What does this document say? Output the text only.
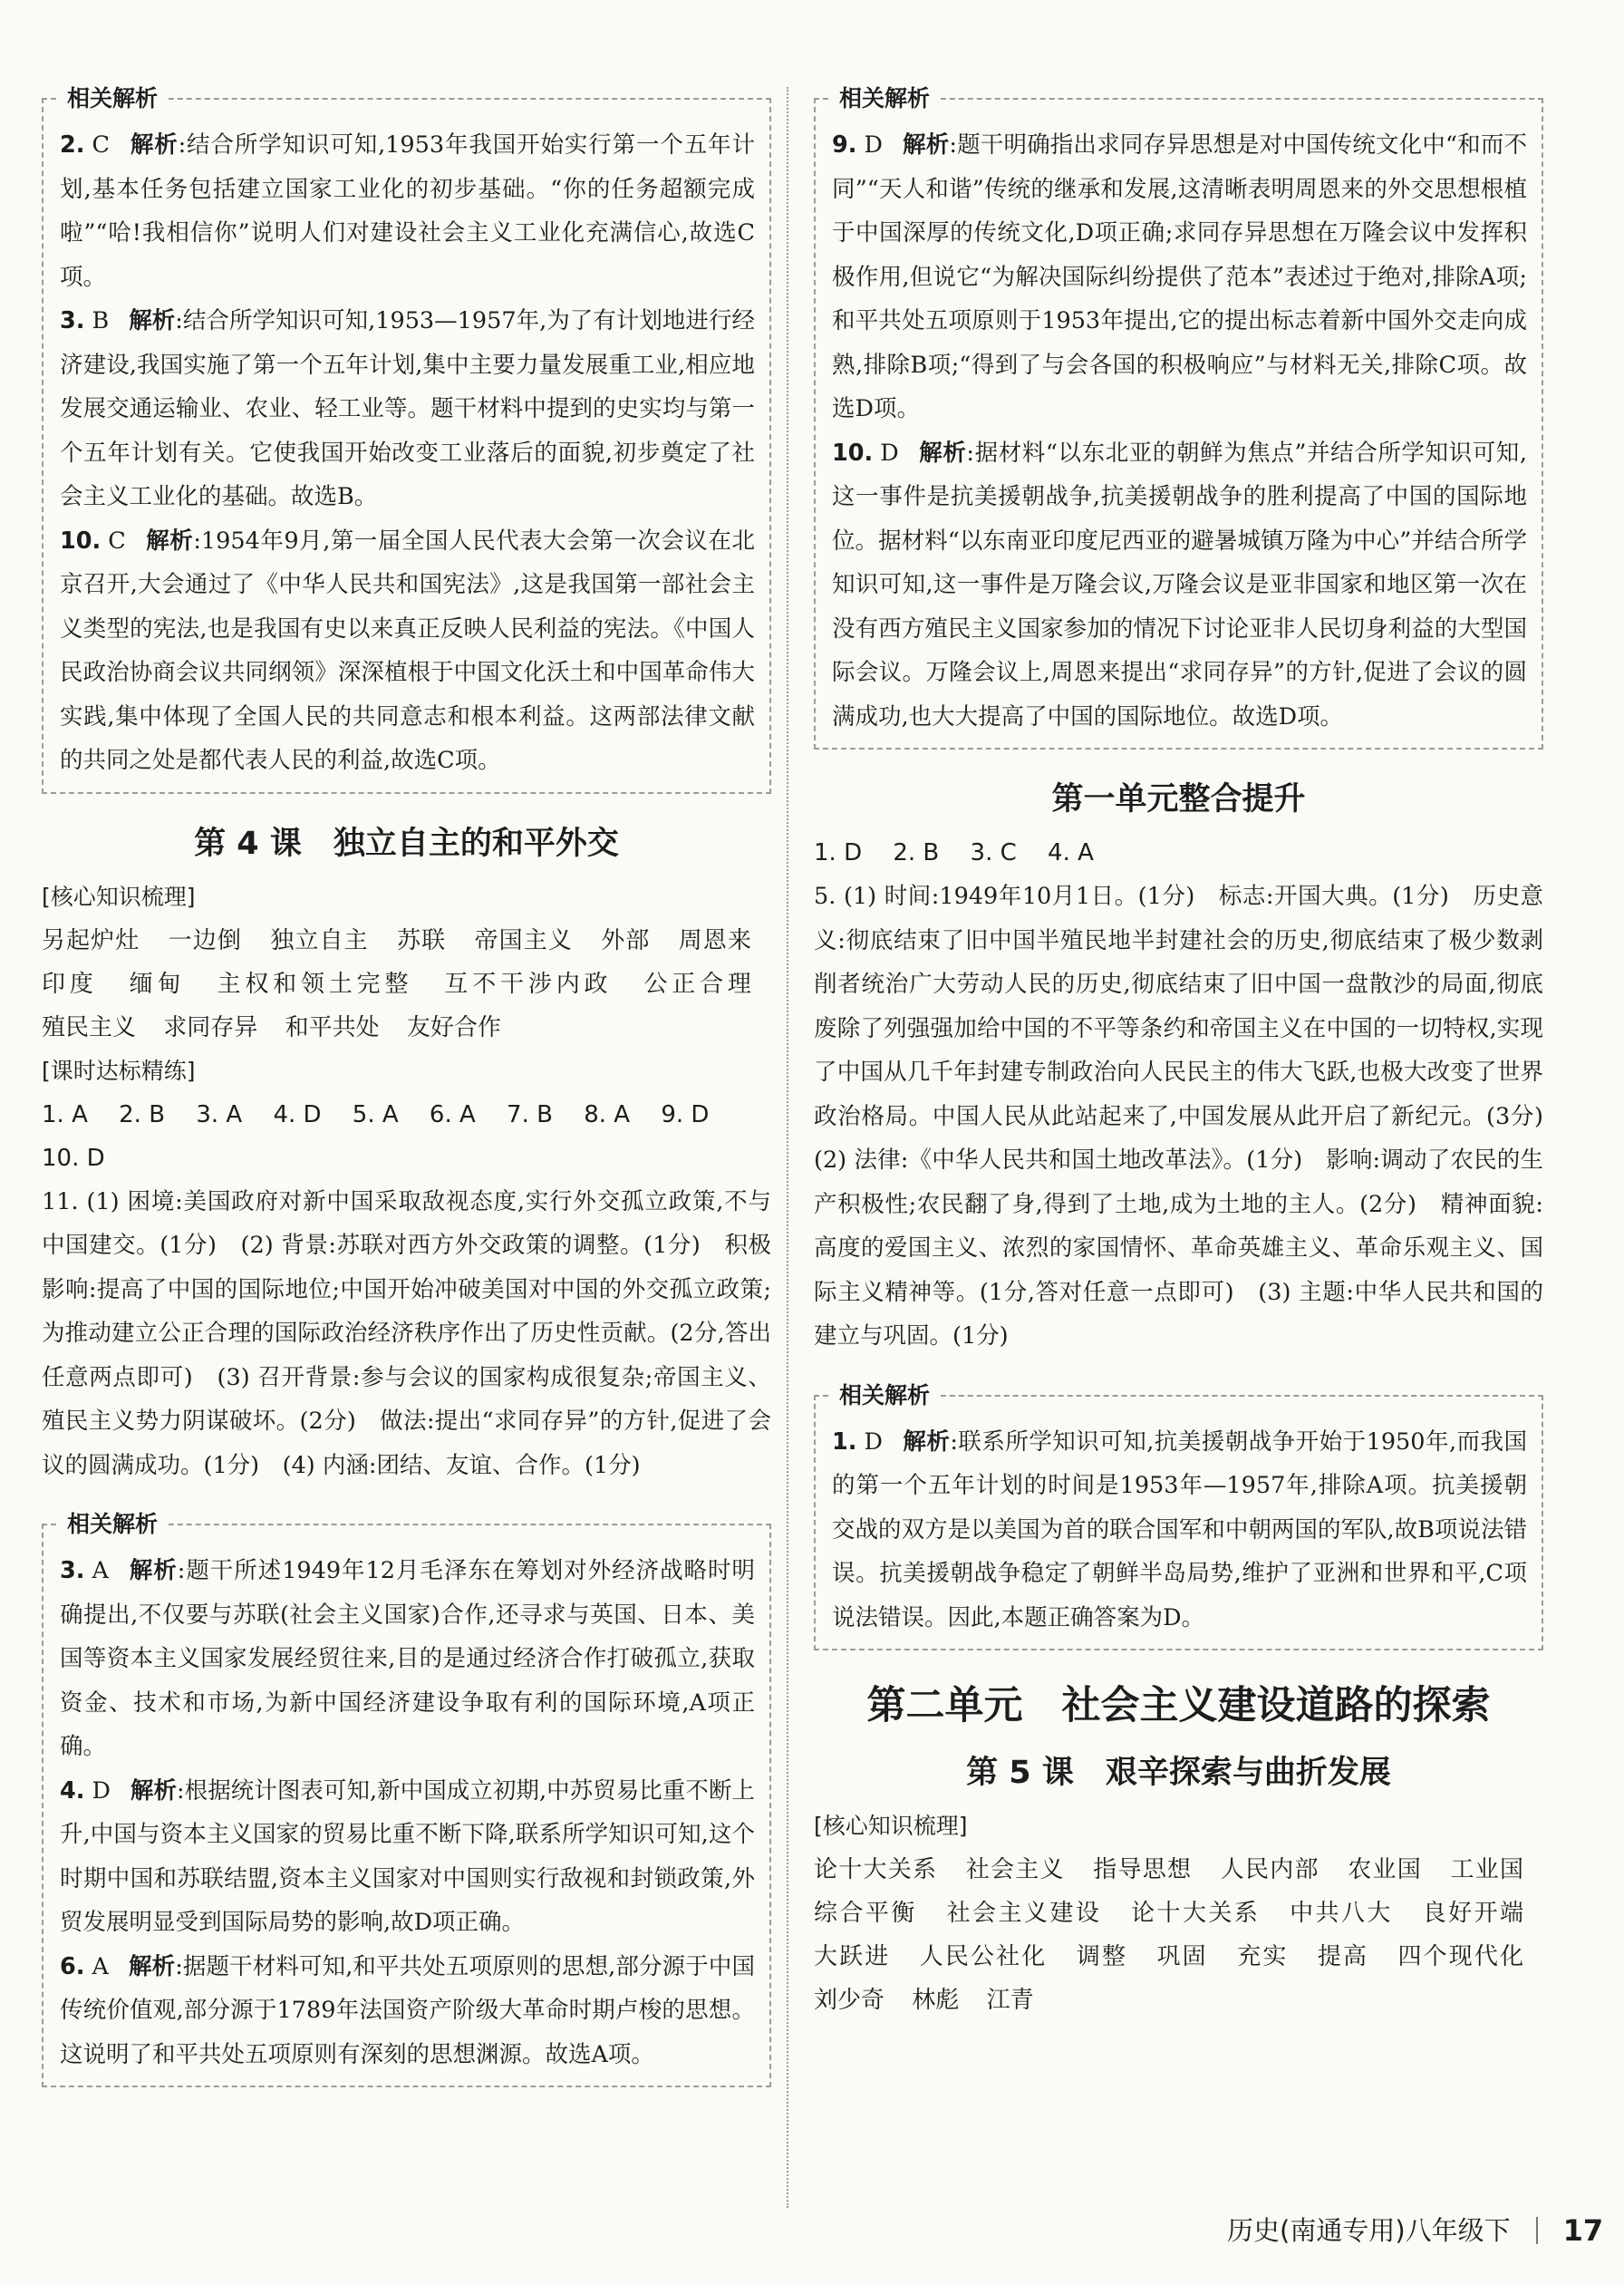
相关解析

2. C 解析:结合所学知识可知,1953年我国开始实行第一个五年计划,基本任务包括建立国家工业化的初步基础。“你的任务超额完成啦”“哈!我相信你”说明人们对建设社会主义工业化充满信心,故选C项。

3. B 解析:结合所学知识可知,1953—1957年,为了有计划地进行经济建设,我国实施了第一个五年计划,集中主要力量发展重工业,相应地发展交通运输业、农业、轻工业等。题干材料中提到的史实均与第一个五年计划有关。它使我国开始改变工业落后的面貌,初步奠定了社会主义工业化的基础。故选B。

10. C 解析:1954年9月,第一届全国人民代表大会第一次会议在北京召开,大会通过了《中华人民共和国宪法》,这是我国第一部社会主义类型的宪法,也是我国有史以来真正反映人民利益的宪法。《中国人民政治协商会议共同纲领》深深植根于中国文化沃土和中国革命伟大实践,集中体现了全国人民的共同意志和根本利益。这两部法律文献的共同之处是都代表人民的利益,故选C项。

第 4 课　独立自主的和平外交
[ 核心知识梳理 ]

另起炉灶 一边倒 独立自主 苏联 帝国主义 外部 周恩来 印度 缅甸 主权和领土完整 互不干涉内政 公正合理 殖民主义 求同存异 和平共处 友好合作

[ 课时达标精练 ]

1. A 2. B 3. A 4. D 5. A 6. A 7. B 8. A 9. D 10. D

11. (1) 困境:美国政府对新中国采取敌视态度,实行外交孤立政策,不与中国建交。(1分)　(2) 背景:苏联对西方外交政策的调整。(1分)　积极影响:提高了中国的国际地位;中国开始冲破美国对中国的外交孤立政策;为推动建立公正合理的国际政治经济秩序作出了历史性贡献。(2分,答出任意两点即可)　(3) 召开背景:参与会议的国家构成很复杂;帝国主义、殖民主义势力阴谋破坏。(2分)　做法:提出“求同存异”的方针,促进了会议的圆满成功。(1分)　(4) 内涵:团结、友谊、合作。(1分)

相关解析

3. A 解析:题干所述1949年12月毛泽东在筹划对外经济战略时明确提出,不仅要与苏联(社会主义国家)合作,还寻求与英国、日本、美国等资本主义国家发展经贸往来,目的是通过经济合作打破孤立,获取资金、技术和市场,为新中国经济建设争取有利的国际环境,A项正确。

4. D 解析:根据统计图表可知,新中国成立初期,中苏贸易比重不断上升,中国与资本主义国家的贸易比重不断下降,联系所学知识可知,这个时期中国和苏联结盟,资本主义国家对中国则实行敌视和封锁政策,外贸发展明显受到国际局势的影响,故D项正确。

6. A 解析:据题干材料可知,和平共处五项原则的思想,部分源于中国传统价值观,部分源于1789年法国资产阶级大革命时期卢梭的思想。这说明了和平共处五项原则有深刻的思想渊源。故选A项。

相关解析

9. D 解析:题干明确指出求同存异思想是对中国传统文化中“和而不同”“天人和谐”传统的继承和发展,这清晰表明周恩来的外交思想根植于中国深厚的传统文化,D项正确;求同存异思想在万隆会议中发挥积极作用,但说它“为解决国际纠纷提供了范本”表述过于绝对,排除A项;和平共处五项原则于1953年提出,它的提出标志着新中国外交走向成熟,排除B项;“得到了与会各国的积极响应”与材料无关,排除C项。故选D项。

10. D 解析:据材料“以东北亚的朝鲜为焦点”并结合所学知识可知,这一事件是抗美援朝战争,抗美援朝战争的胜利提高了中国的国际地位。据材料“以东南亚印度尼西亚的避暑城镇万隆为中心”并结合所学知识可知,这一事件是万隆会议,万隆会议是亚非国家和地区第一次在没有西方殖民主义国家参加的情况下讨论亚非人民切身利益的大型国际会议。万隆会议上,周恩来提出“求同存异”的方针,促进了会议的圆满成功,也大大提高了中国的国际地位。故选D项。

第一单元整合提升

1. D 2. B 3. C 4. A

5. (1) 时间:1949年10月1日。(1分)　标志:开国大典。(1分)　历史意义:彻底结束了旧中国半殖民地半封建社会的历史,彻底结束了极少数剥削者统治广大劳动人民的历史,彻底结束了旧中国一盘散沙的局面,彻底废除了列强强加给中国的不平等条约和帝国主义在中国的一切特权,实现了中国从几千年封建专制政治向人民民主的伟大飞跃,也极大改变了世界政治格局。中国人民从此站起来了,中国发展从此开启了新纪元。(3分)　(2) 法律:《中华人民共和国土地改革法》。(1分)　影响:调动了农民的生产积极性;农民翻了身,得到了土地,成为土地的主人。(2分)　精神面貌:高度的爱国主义、浓烈的家国情怀、革命英雄主义、革命乐观主义、国际主义精神等。(1分,答对任意一点即可)　(3) 主题:中华人民共和国的建立与巩固。(1分)

相关解析

1. D 解析:联系所学知识可知,抗美援朝战争开始于1950年,而我国的第一个五年计划的时间是1953年—1957年,排除A项。抗美援朝交战的双方是以美国为首的联合国军和中朝两国的军队,故B项说法错误。抗美援朝战争稳定了朝鲜半岛局势,维护了亚洲和世界和平,C项说法错误。因此,本题正确答案为D。

第二单元　社会主义建设道路的探索
第 5 课　艰辛探索与曲折发展
[ 核心知识梳理 ]

论十大关系 社会主义 指导思想 人民内部 农业国 工业国 综合平衡 社会主义建设 论十大关系 中共八大 良好开端 大跃进 人民公社化 调整 巩固 充实 提高 四个现代化 刘少奇 林彪 江青

历史(南通专用)八年级下 17
